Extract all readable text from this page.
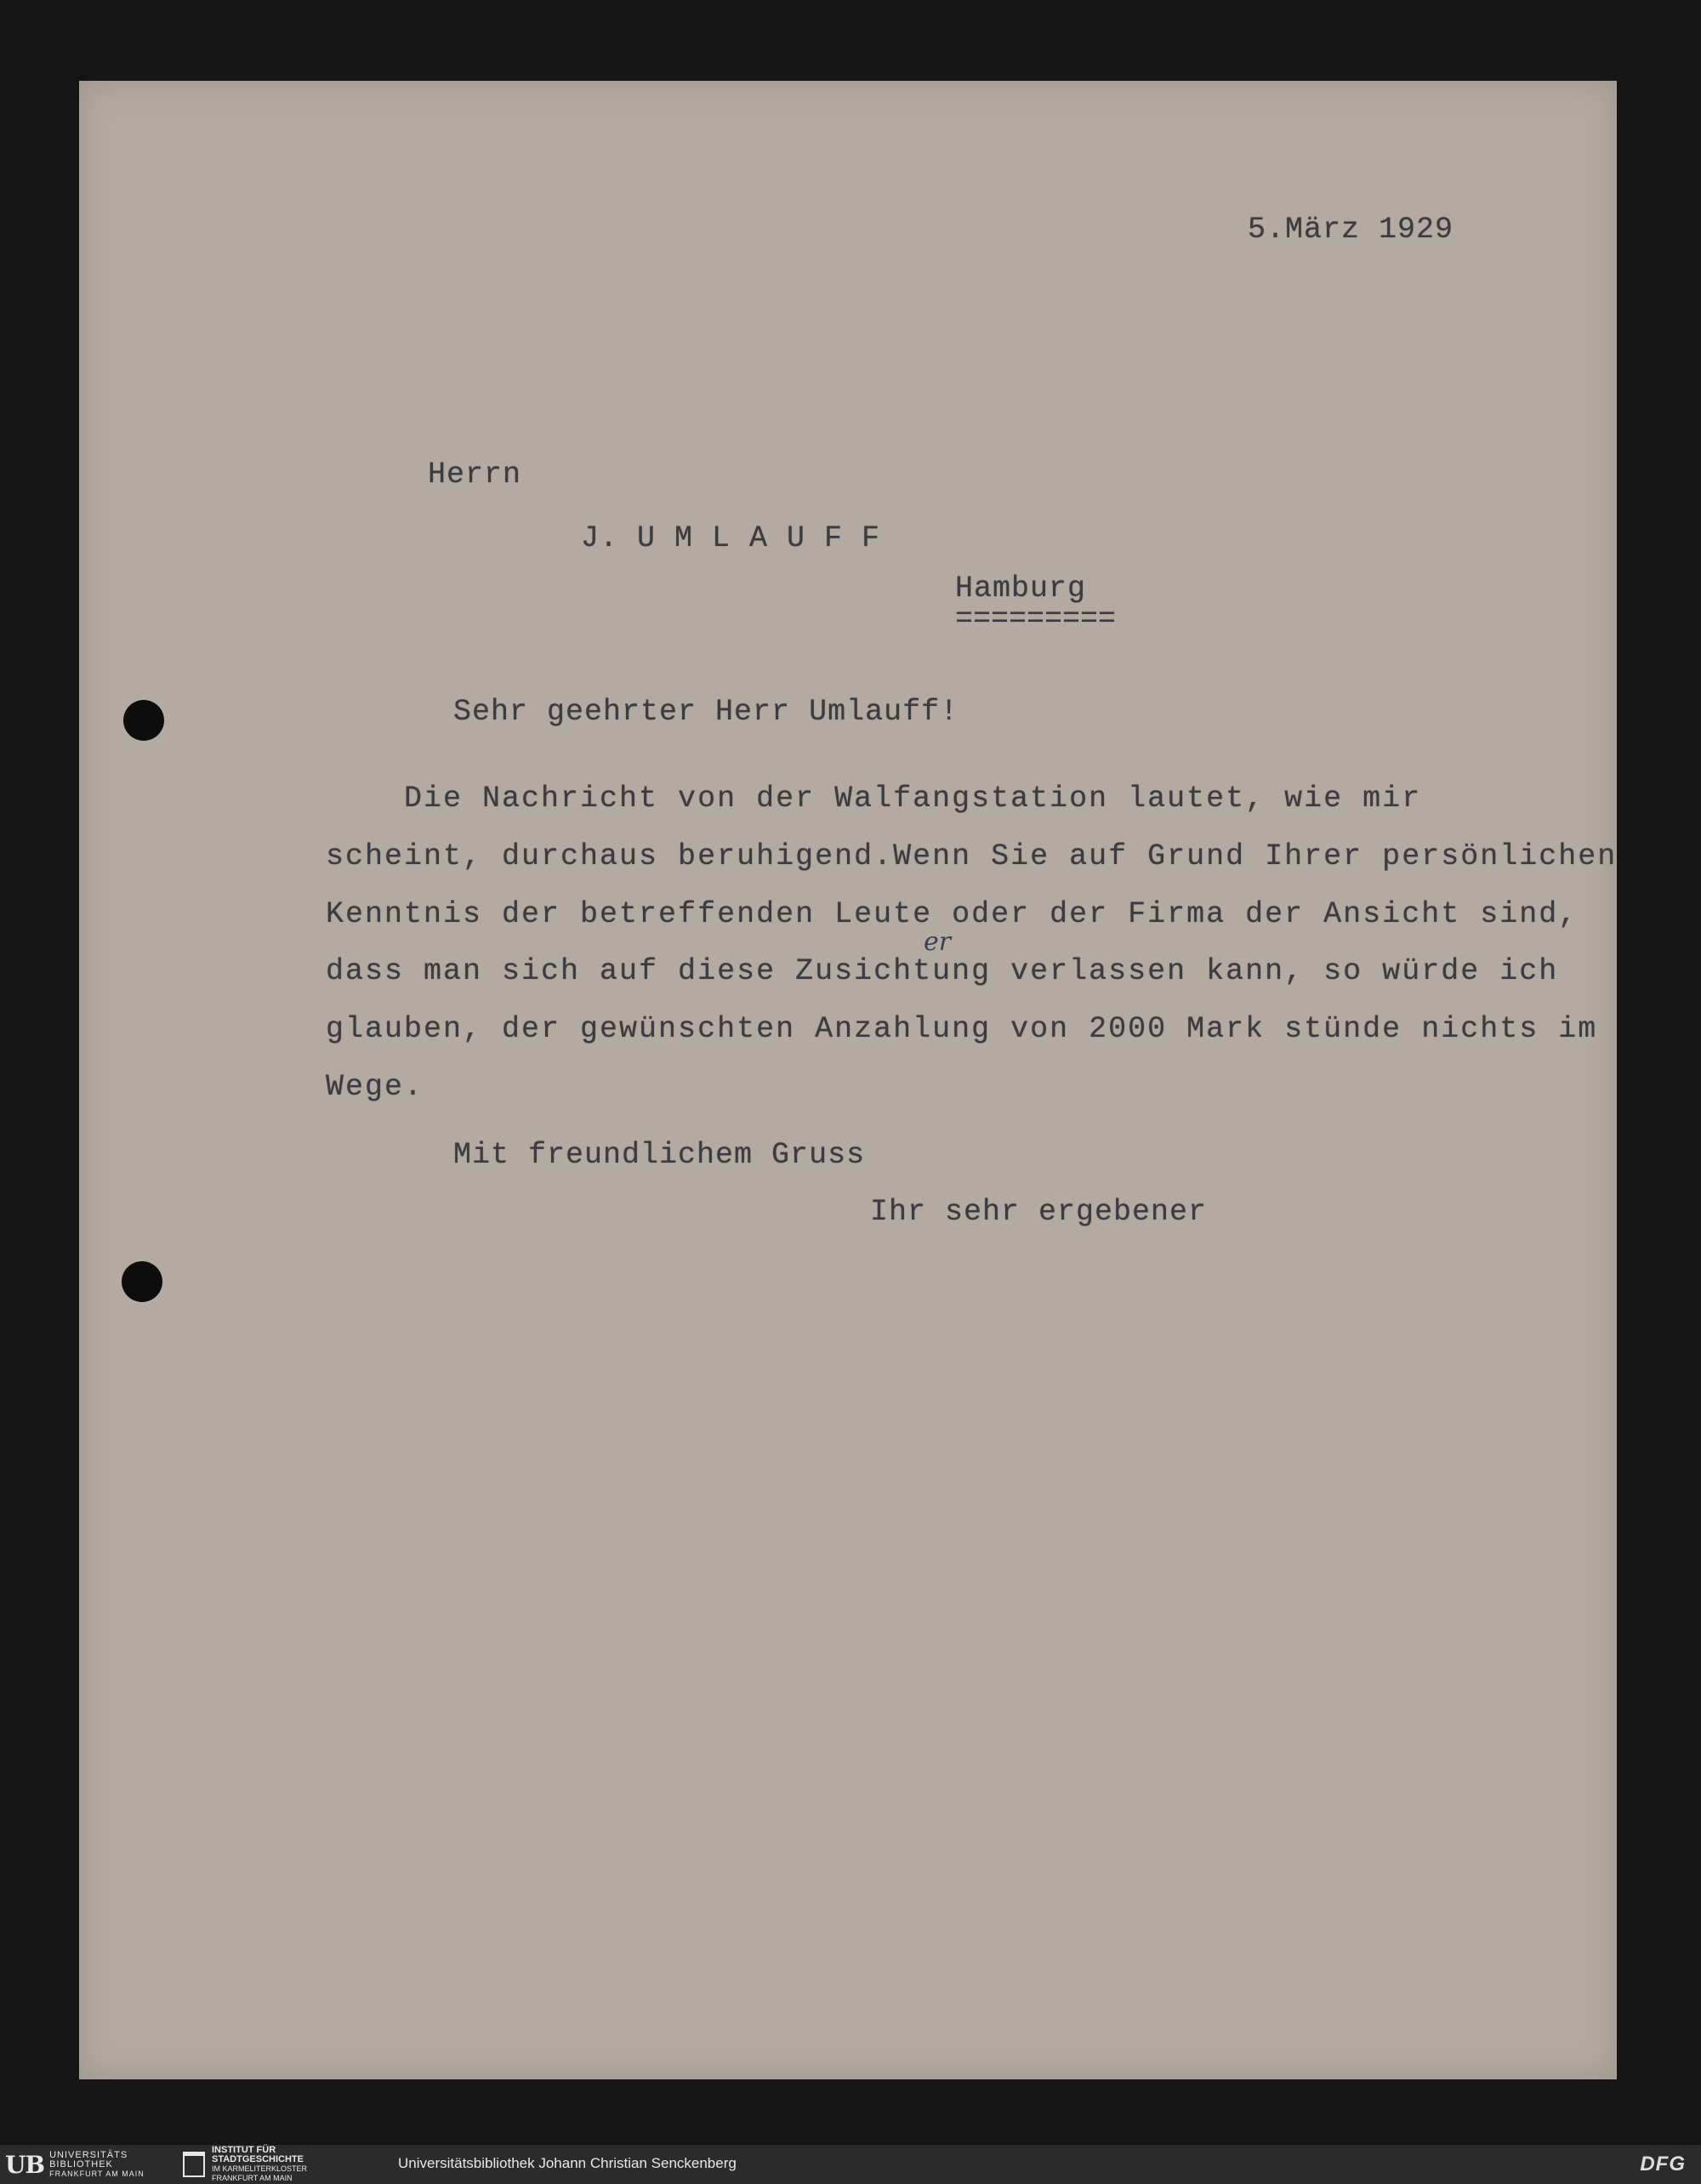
5.März 1929

Herrn

J. U M L A U F F

Hamburg

=========

Sehr geehrter Herr Umlauff!

Die Nachricht von der Walfangstation lautet, wie mir

scheint, durchaus beruhigend.Wenn Sie auf Grund Ihrer persönlichen

Kenntnis der betreffenden Leute oder der Firma der Ansicht sind,

dass man sich auf diese Zusichtung verlassen kann, so würde ich

er

glauben, der gewünschten Anzahlung von 2000 Mark stünde nichts im

Wege.

Mit freundlichem Gruss

Ihr sehr ergebener

UB UNIVERSITÄTS
BIBLIOTHEK
FRANKFURT AM MAIN
INSTITUT FÜR
STADTGESCHICHTE
IM KARMELITERKLOSTER
FRANKFURT AM MAIN
Universitätsbibliothek Johann Christian Senckenberg	DFG
